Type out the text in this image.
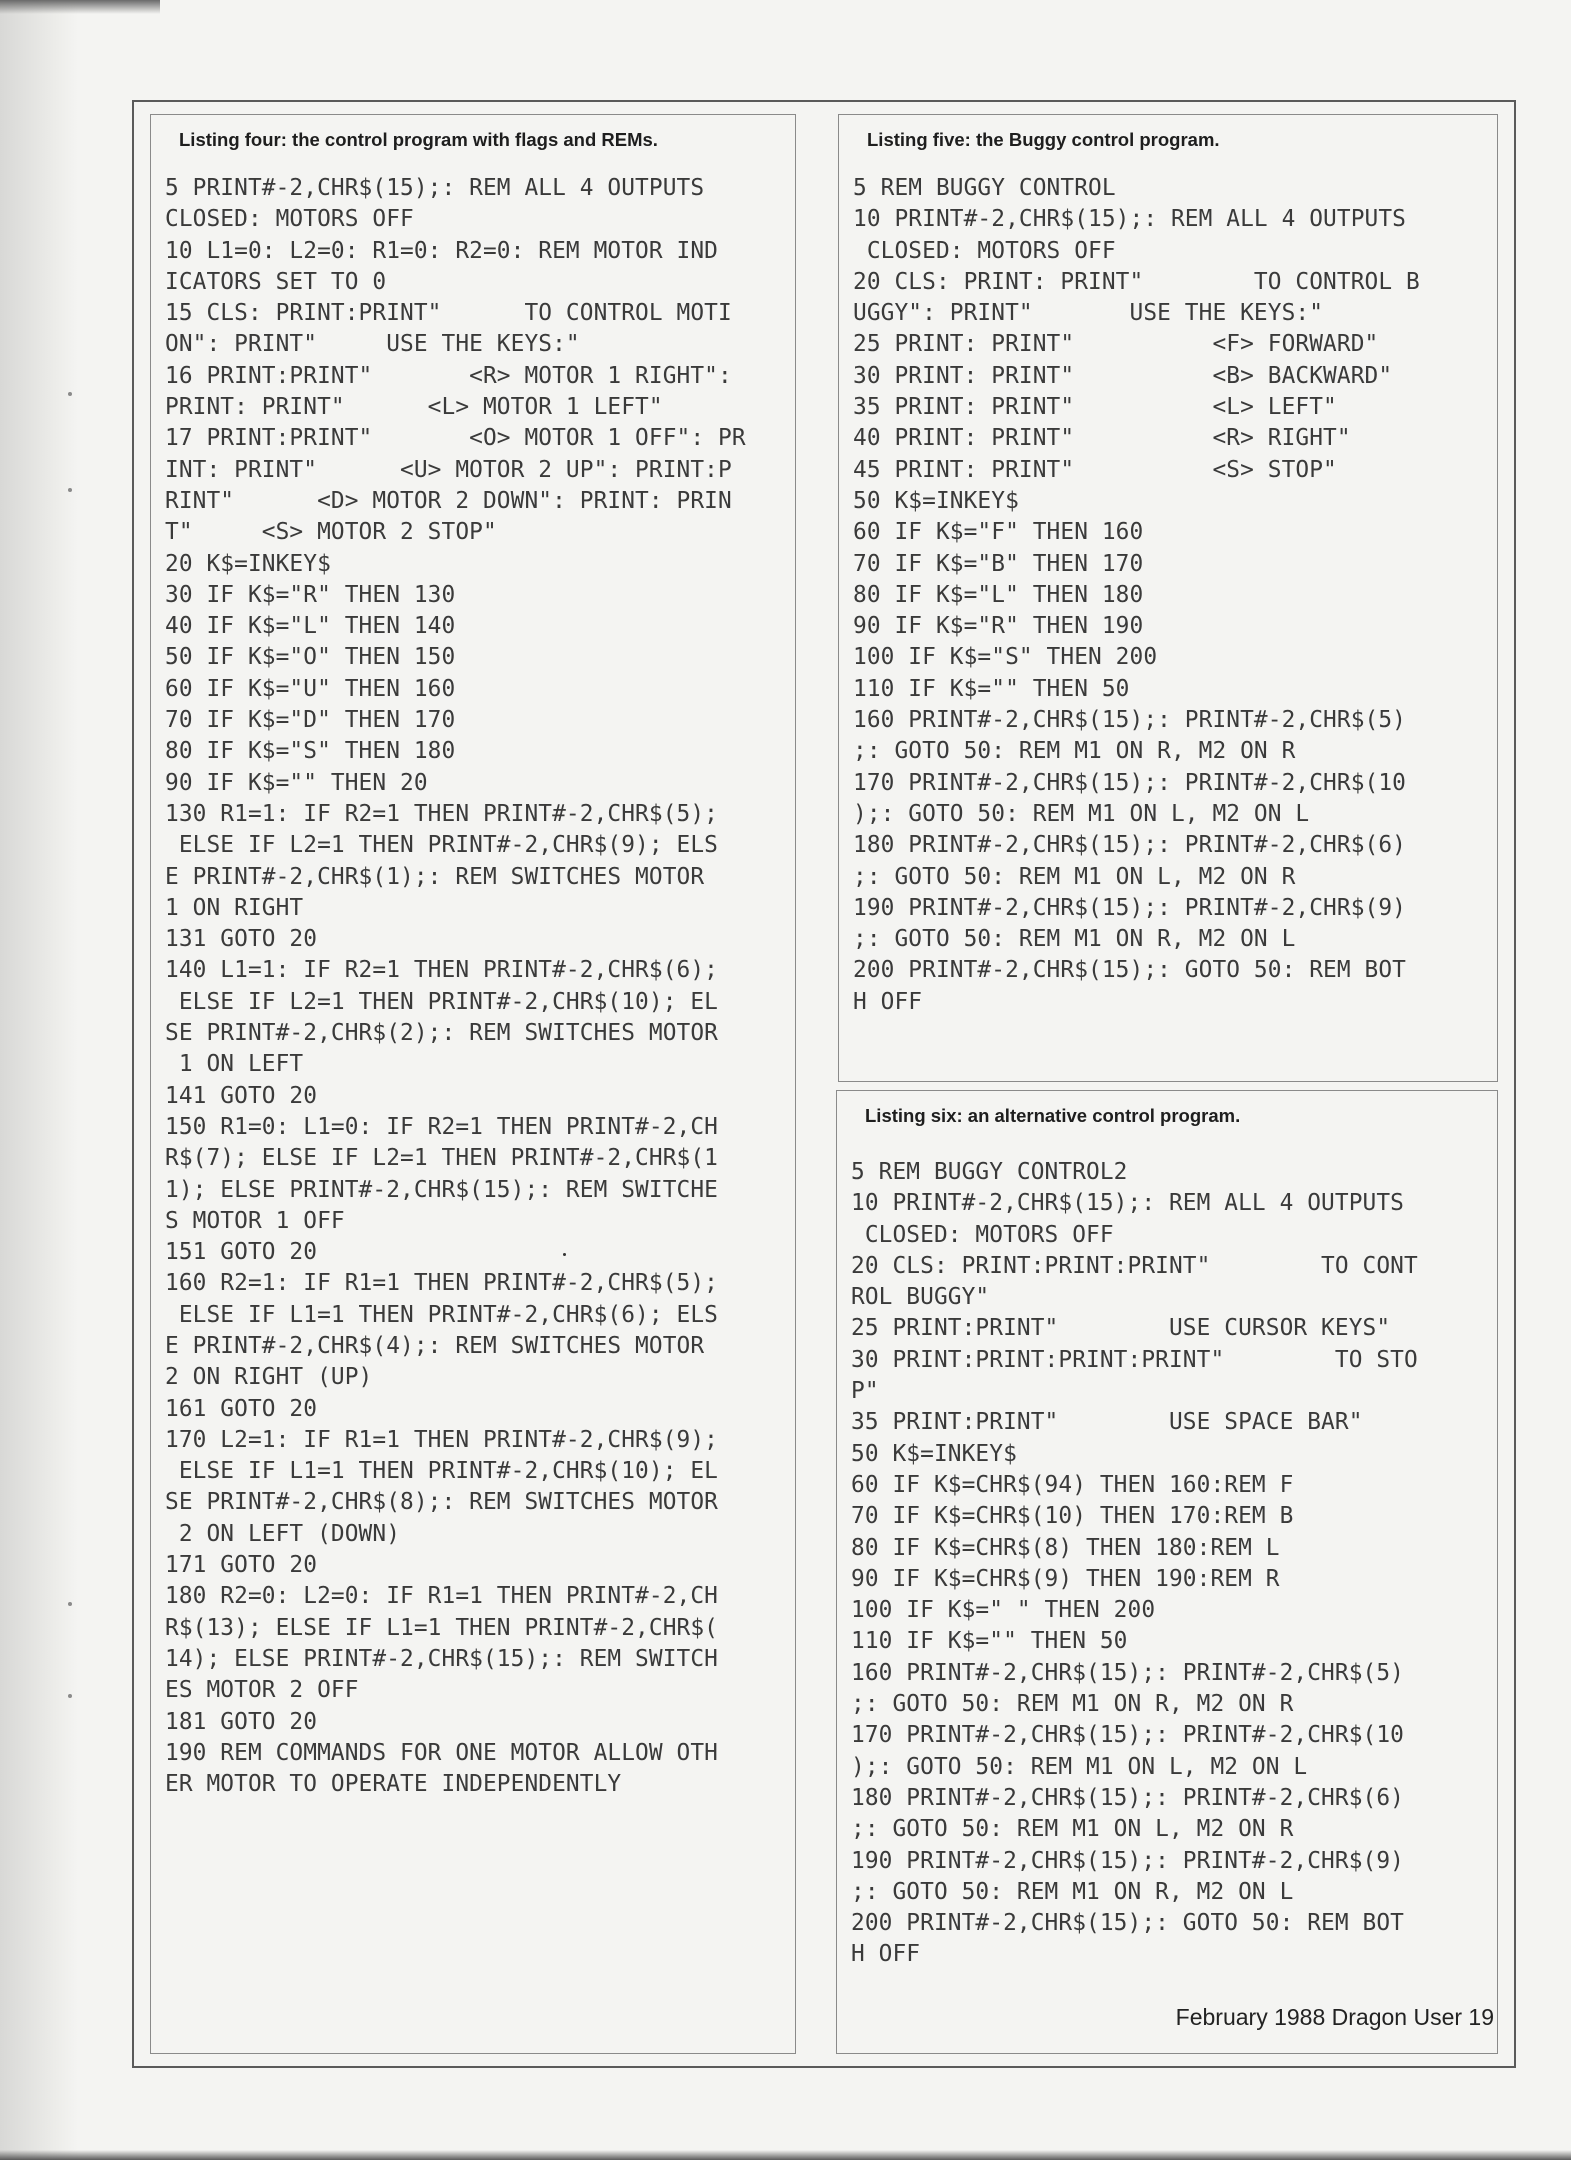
Listing four: the control program with flags and REMs.
5 PRINT#-2,CHR$(15);: REM ALL 4 OUTPUTS
CLOSED: MOTORS OFF
10 L1=0: L2=0: R1=0: R2=0: REM MOTOR IND
ICATORS SET TO 0
15 CLS: PRINT:PRINT"      TO CONTROL MOTI
ON": PRINT"     USE THE KEYS:"
16 PRINT:PRINT"       <R> MOTOR 1 RIGHT":
PRINT: PRINT"      <L> MOTOR 1 LEFT"
17 PRINT:PRINT"       <O> MOTOR 1 OFF": PR
INT: PRINT"      <U> MOTOR 2 UP": PRINT:P
RINT"      <D> MOTOR 2 DOWN": PRINT: PRIN
T"     <S> MOTOR 2 STOP"
20 K$=INKEY$
30 IF K$="R" THEN 130
40 IF K$="L" THEN 140
50 IF K$="O" THEN 150
60 IF K$="U" THEN 160
70 IF K$="D" THEN 170
80 IF K$="S" THEN 180
90 IF K$="" THEN 20
130 R1=1: IF R2=1 THEN PRINT#-2,CHR$(5);
ELSE IF L2=1 THEN PRINT#-2,CHR$(9); ELS
E PRINT#-2,CHR$(1);: REM SWITCHES MOTOR
1 ON RIGHT
131 GOTO 20
140 L1=1: IF R2=1 THEN PRINT#-2,CHR$(6);
ELSE IF L2=1 THEN PRINT#-2,CHR$(10); EL
SE PRINT#-2,CHR$(2);: REM SWITCHES MOTOR
1 ON LEFT
141 GOTO 20
150 R1=0: L1=0: IF R2=1 THEN PRINT#-2,CH
R$(7); ELSE IF L2=1 THEN PRINT#-2,CHR$(1
1); ELSE PRINT#-2,CHR$(15);: REM SWITCHE
S MOTOR 1 OFF
151 GOTO 20
160 R2=1: IF R1=1 THEN PRINT#-2,CHR$(5);
ELSE IF L1=1 THEN PRINT#-2,CHR$(6); ELS
E PRINT#-2,CHR$(4);: REM SWITCHES MOTOR
2 ON RIGHT (UP)
161 GOTO 20
170 L2=1: IF R1=1 THEN PRINT#-2,CHR$(9);
ELSE IF L1=1 THEN PRINT#-2,CHR$(10); EL
SE PRINT#-2,CHR$(8);: REM SWITCHES MOTOR
2 ON LEFT (DOWN)
171 GOTO 20
180 R2=0: L2=0: IF R1=1 THEN PRINT#-2,CH
R$(13); ELSE IF L1=1 THEN PRINT#-2,CHR$(
14); ELSE PRINT#-2,CHR$(15);: REM SWITCH
ES MOTOR 2 OFF
181 GOTO 20
190 REM COMMANDS FOR ONE MOTOR ALLOW OTH
ER MOTOR TO OPERATE INDEPENDENTLY
Listing five: the Buggy control program.
5 REM BUGGY CONTROL
10 PRINT#-2,CHR$(15);: REM ALL 4 OUTPUTS
CLOSED: MOTORS OFF
20 CLS: PRINT: PRINT"        TO CONTROL B
UGGY": PRINT"       USE THE KEYS:"
25 PRINT: PRINT"          <F> FORWARD"
30 PRINT: PRINT"          <B> BACKWARD"
35 PRINT: PRINT"          <L> LEFT"
40 PRINT: PRINT"          <R> RIGHT"
45 PRINT: PRINT"          <S> STOP"
50 K$=INKEY$
60 IF K$="F" THEN 160
70 IF K$="B" THEN 170
80 IF K$="L" THEN 180
90 IF K$="R" THEN 190
100 IF K$="S" THEN 200
110 IF K$="" THEN 50
160 PRINT#-2,CHR$(15);: PRINT#-2,CHR$(5)
;: GOTO 50: REM M1 ON R, M2 ON R
170 PRINT#-2,CHR$(15);: PRINT#-2,CHR$(10
);: GOTO 50: REM M1 ON L, M2 ON L
180 PRINT#-2,CHR$(15);: PRINT#-2,CHR$(6)
;: GOTO 50: REM M1 ON L, M2 ON R
190 PRINT#-2,CHR$(15);: PRINT#-2,CHR$(9)
;: GOTO 50: REM M1 ON R, M2 ON L
200 PRINT#-2,CHR$(15);: GOTO 50: REM BOT
H OFF
Listing six: an alternative control program.
5 REM BUGGY CONTROL2
10 PRINT#-2,CHR$(15);: REM ALL 4 OUTPUTS
CLOSED: MOTORS OFF
20 CLS: PRINT:PRINT:PRINT"        TO CONT
ROL BUGGY"
25 PRINT:PRINT"        USE CURSOR KEYS"
30 PRINT:PRINT:PRINT:PRINT"        TO STO
P"
35 PRINT:PRINT"        USE SPACE BAR"
50 K$=INKEY$
60 IF K$=CHR$(94) THEN 160:REM F
70 IF K$=CHR$(10) THEN 170:REM B
80 IF K$=CHR$(8) THEN 180:REM L
90 IF K$=CHR$(9) THEN 190:REM R
100 IF K$=" " THEN 200
110 IF K$="" THEN 50
160 PRINT#-2,CHR$(15);: PRINT#-2,CHR$(5)
;: GOTO 50: REM M1 ON R, M2 ON R
170 PRINT#-2,CHR$(15);: PRINT#-2,CHR$(10
);: GOTO 50: REM M1 ON L, M2 ON L
180 PRINT#-2,CHR$(15);: PRINT#-2,CHR$(6)
;: GOTO 50: REM M1 ON L, M2 ON R
190 PRINT#-2,CHR$(15);: PRINT#-2,CHR$(9)
;: GOTO 50: REM M1 ON R, M2 ON L
200 PRINT#-2,CHR$(15);: GOTO 50: REM BOT
H OFF
February 1988 Dragon User 19
